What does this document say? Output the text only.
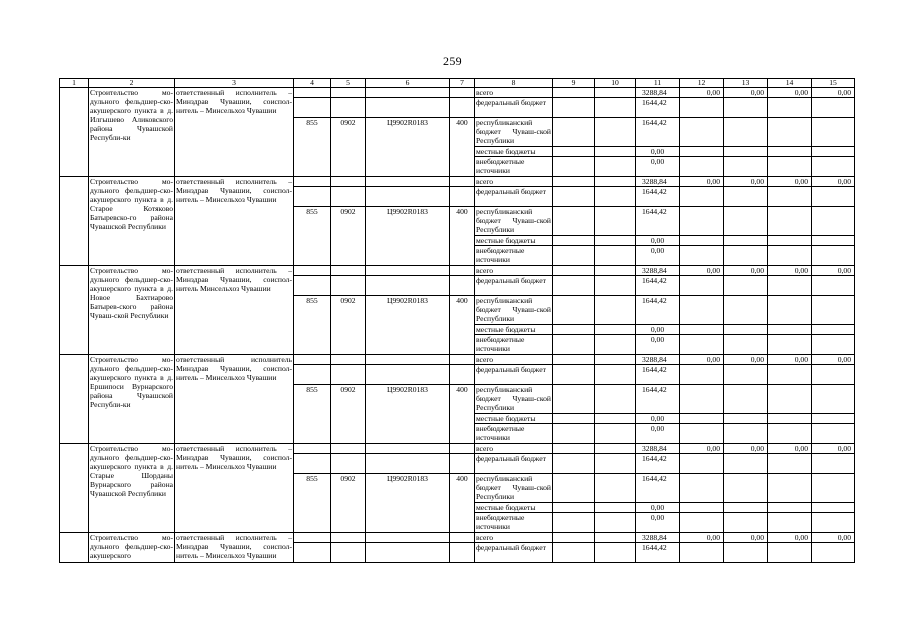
259
1	2	3	4	5	6	7	8	9	10	11	12	13	14	15
	Строительство мо-дульного фельдшер-ско-акушерского пункта в д. Илгышево Аликовского района Чувашской Республи-ки	ответственный исполнитель – Минздрав Чувашии, соиспол-нитель – Минсельхоз Чувашии					всего			3288,84	0,00	0,00	0,00	0,00
							федеральный бюджет			1644,42				
			855	0902	Ц9902R0183	400	республиканский бюджет Чуваш-ской Республики			1644,42				
							местные бюджеты			0,00				
							внебюджетные источники			0,00				
	Строительство мо-дульного фельдшер-ско-акушерского пункта в д. Старое Котяково Батыревско-го района Чувашской Республики	ответственный исполнитель – Минздрав Чувашии, соиспол-нитель – Минсельхоз Чувашии					всего			3288,84	0,00	0,00	0,00	0,00
							федеральный бюджет			1644,42				
			855	0902	Ц9902R0183	400	республиканский бюджет Чуваш-ской Республики			1644,42				
							местные бюджеты			0,00				
							внебюджетные источники			0,00				
	Строительство мо-дульного фельдшер-ско-акушерского пункта в д. Новое Бахтиарово Батырев-ского района Чуваш-ской Республики	ответственный исполнитель – Минздрав Чувашии, соиспол-нитель Минсельхоз Чувашии					всего			3288,84	0,00	0,00	0,00	0,00
							федеральный бюджет			1644,42				
			855	0902	Ц9902R0183	400	республиканский бюджет Чуваш-ской Республики			1644,42				
							местные бюджеты			0,00				
							внебюджетные источники			0,00				
	Строительство мо-дульного фельдшер-ско-акушерского пункта в д. Ершипоси Вурнарского района Чувашской Республи-ки	ответственный исполнитель Минздрав Чувашии, соиспол-нитель – Минсельхоз Чувашии					всего			3288,84	0,00	0,00	0,00	0,00
							федеральный бюджет			1644,42				
			855	0902	Ц9902R0183	400	республиканский бюджет Чуваш-ской Республики			1644,42				
							местные бюджеты			0,00				
							внебюджетные источники			0,00				
	Строительство мо-дульного фельдшер-ско-акушерского пункта в д. Старые Шорданы Вурнарского района Чувашской Республики	ответственный исполнитель – Минздрав Чувашии, соиспол-нитель – Минсельхоз Чувашии					всего			3288,84	0,00	0,00	0,00	0,00
							федеральный бюджет			1644,42				
			855	0902	Ц9902R0183	400	республиканский бюджет Чуваш-ской Республики			1644,42				
							местные бюджеты			0,00				
							внебюджетные источники			0,00				
	Строительство мо-дульного фельдшер-ско-акушерского	ответственный исполнитель – Минздрав Чувашии, соиспол-нитель – Минсельхоз Чувашии					всего			3288,84	0,00	0,00	0,00	0,00
							федеральный бюджет			1644,42				
